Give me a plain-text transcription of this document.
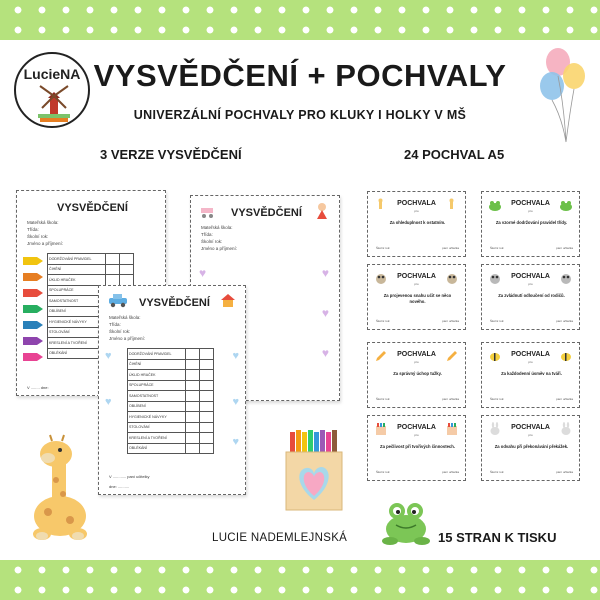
LucieNA VYSVĚDČENÍ + POCHVALY
UNIVERZÁLNÍ POCHVALY PRO KLUKY I HOLKY V MŠ
3 VERZE VYSVĚDČENÍ	24 POCHVAL A5
VYSVĚDČENÍ
Mateřská škola:
Třída:
Školní rok:
Jméno a příjmení:
DODRŽOVÁNÍ PRAVIDEL		
ČIHĚNÍ		
ÚKLID HRAČEK		
SPOLUPRÁCE		
SAMOSTATNOST		
OBLÍBENÍ		
HYGIENICKÉ NÁVYKY		
STOLOVÁNÍ		
KRESLENÍ A TVOŘENÍ		
OBLÉKÁNÍ		
V ........ dne:
VYSVĚDČENÍ
Mateřská škola:
Třída:
Školní rok:
Jméno a příjmení:
♥	♥
♥
♥
VYSVĚDČENÍ
Mateřská škola:
Třída:
Školní rok:
Jméno a příjmení:
DODRŽOVÁNÍ PRAVIDEL		
ČIHĚNÍ		
ÚKLID HRAČEK		
SPOLUPRÁCE		
SAMOSTATNOST		
OBLÍBENÍ		
HYGIENICKÉ NÁVYKY		
STOLOVÁNÍ		
KRESLENÍ A TVOŘENÍ		
OBLÉKÁNÍ		
♥
♥
♥
♥
♥
V ............ paní učitelky
dne: ..........
POCHVALA
pro
Za ohleduplnost k ostatním.
Školní rok:	paní učitelka
POCHVALA
pro
Za vzorné dodržování pravidel třídy.
Školní rok:	paní učitelka
POCHVALA
pro
Za projevenou snahu učit se něco nového.
Školní rok:	paní učitelka
POCHVALA
pro
Za zvládnutí odloučení od rodičů.
Školní rok:	paní učitelka
POCHVALA
pro
Za správný úchop tužky.
Školní rok:	paní učitelka
POCHVALA
pro
Za každodenní úsměv na tváři.
Školní rok:	paní učitelka
POCHVALA
pro
Za pečlivost při tvořivých činnostech.
Školní rok:	paní učitelka
POCHVALA
pro
Za odvahu při překonávání překážek.
Školní rok:	paní učitelka
LUCIE NADEMLEJNSKÁ	15 STRAN K TISKU
